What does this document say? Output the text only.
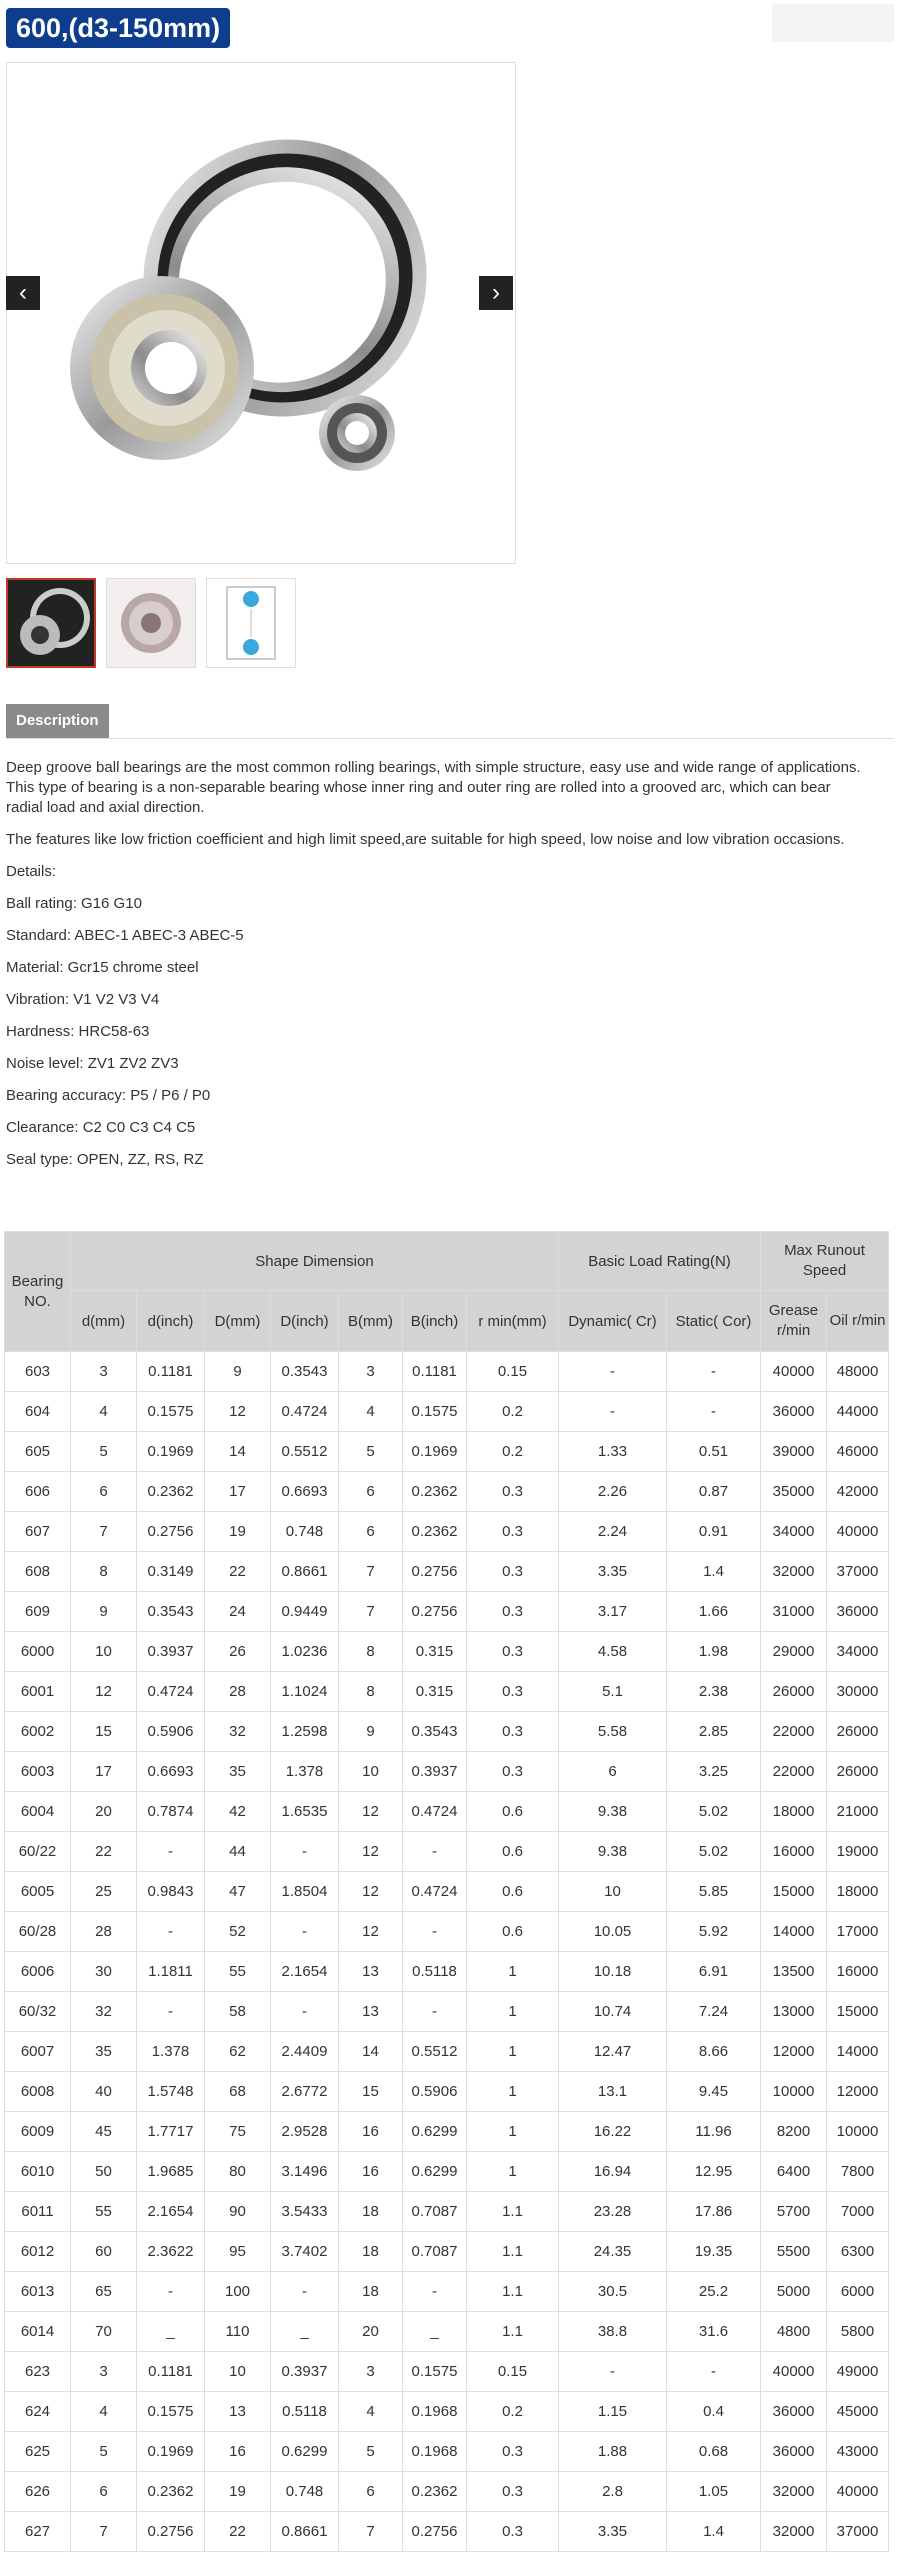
600,(d3-150mm)
‹	›
Description

Deep groove ball bearings are the most common rolling bearings, with simple structure, easy use and wide range of applications. This type of bearing is a non-separable bearing whose inner ring and outer ring are rolled into a grooved arc, which can bear radial load and axial direction.

The features like low friction coefficient and high limit speed,are suitable for high speed, low noise and low vibration occasions.

Details:
Ball rating: G16 G10
Standard: ABEC-1 ABEC-3 ABEC-5
Material: Gcr15 chrome steel
Vibration: V1 V2 V3 V4
Hardness: HRC58-63
Noise level: ZV1 ZV2 ZV3
Bearing accuracy: P5 / P6 / P0
Clearance: C2 C0 C3 C4 C5
Seal type: OPEN, ZZ, RS, RZ
Bearing NO.	Shape Dimension							Basic Load Rating(N)		Max Runout Speed	
	d(mm)	d(inch)	D(mm)	D(inch)	B(mm)	B(inch)	r min(mm)	Dynamic( Cr)	Static( Cor)	Grease r/min	Oil r/min
603	3	0.1181	9	0.3543	3	0.1181	0.15	-	-	40000	48000
604	4	0.1575	12	0.4724	4	0.1575	0.2	-	-	36000	44000
605	5	0.1969	14	0.5512	5	0.1969	0.2	1.33	0.51	39000	46000
606	6	0.2362	17	0.6693	6	0.2362	0.3	2.26	0.87	35000	42000
607	7	0.2756	19	0.748	6	0.2362	0.3	2.24	0.91	34000	40000
608	8	0.3149	22	0.8661	7	0.2756	0.3	3.35	1.4	32000	37000
609	9	0.3543	24	0.9449	7	0.2756	0.3	3.17	1.66	31000	36000
6000	10	0.3937	26	1.0236	8	0.315	0.3	4.58	1.98	29000	34000
6001	12	0.4724	28	1.1024	8	0.315	0.3	5.1	2.38	26000	30000
6002	15	0.5906	32	1.2598	9	0.3543	0.3	5.58	2.85	22000	26000
6003	17	0.6693	35	1.378	10	0.3937	0.3	6	3.25	22000	26000
6004	20	0.7874	42	1.6535	12	0.4724	0.6	9.38	5.02	18000	21000
60/22	22	-	44	-	12	-	0.6	9.38	5.02	16000	19000
6005	25	0.9843	47	1.8504	12	0.4724	0.6	10	5.85	15000	18000
60/28	28	-	52	-	12	-	0.6	10.05	5.92	14000	17000
6006	30	1.1811	55	2.1654	13	0.5118	1	10.18	6.91	13500	16000
60/32	32	-	58	-	13	-	1	10.74	7.24	13000	15000
6007	35	1.378	62	2.4409	14	0.5512	1	12.47	8.66	12000	14000
6008	40	1.5748	68	2.6772	15	0.5906	1	13.1	9.45	10000	12000
6009	45	1.7717	75	2.9528	16	0.6299	1	16.22	11.96	8200	10000
6010	50	1.9685	80	3.1496	16	0.6299	1	16.94	12.95	6400	7800
6011	55	2.1654	90	3.5433	18	0.7087	1.1	23.28	17.86	5700	7000
6012	60	2.3622	95	3.7402	18	0.7087	1.1	24.35	19.35	5500	6300
6013	65	-	100	-	18	-	1.1	30.5	25.2	5000	6000
6014	70	_	110	_	20	_	1.1	38.8	31.6	4800	5800
623	3	0.1181	10	0.3937	3	0.1575	0.15	-	-	40000	49000
624	4	0.1575	13	0.5118	4	0.1968	0.2	1.15	0.4	36000	45000
625	5	0.1969	16	0.6299	5	0.1968	0.3	1.88	0.68	36000	43000
626	6	0.2362	19	0.748	6	0.2362	0.3	2.8	1.05	32000	40000
627	7	0.2756	22	0.8661	7	0.2756	0.3	3.35	1.4	32000	37000
